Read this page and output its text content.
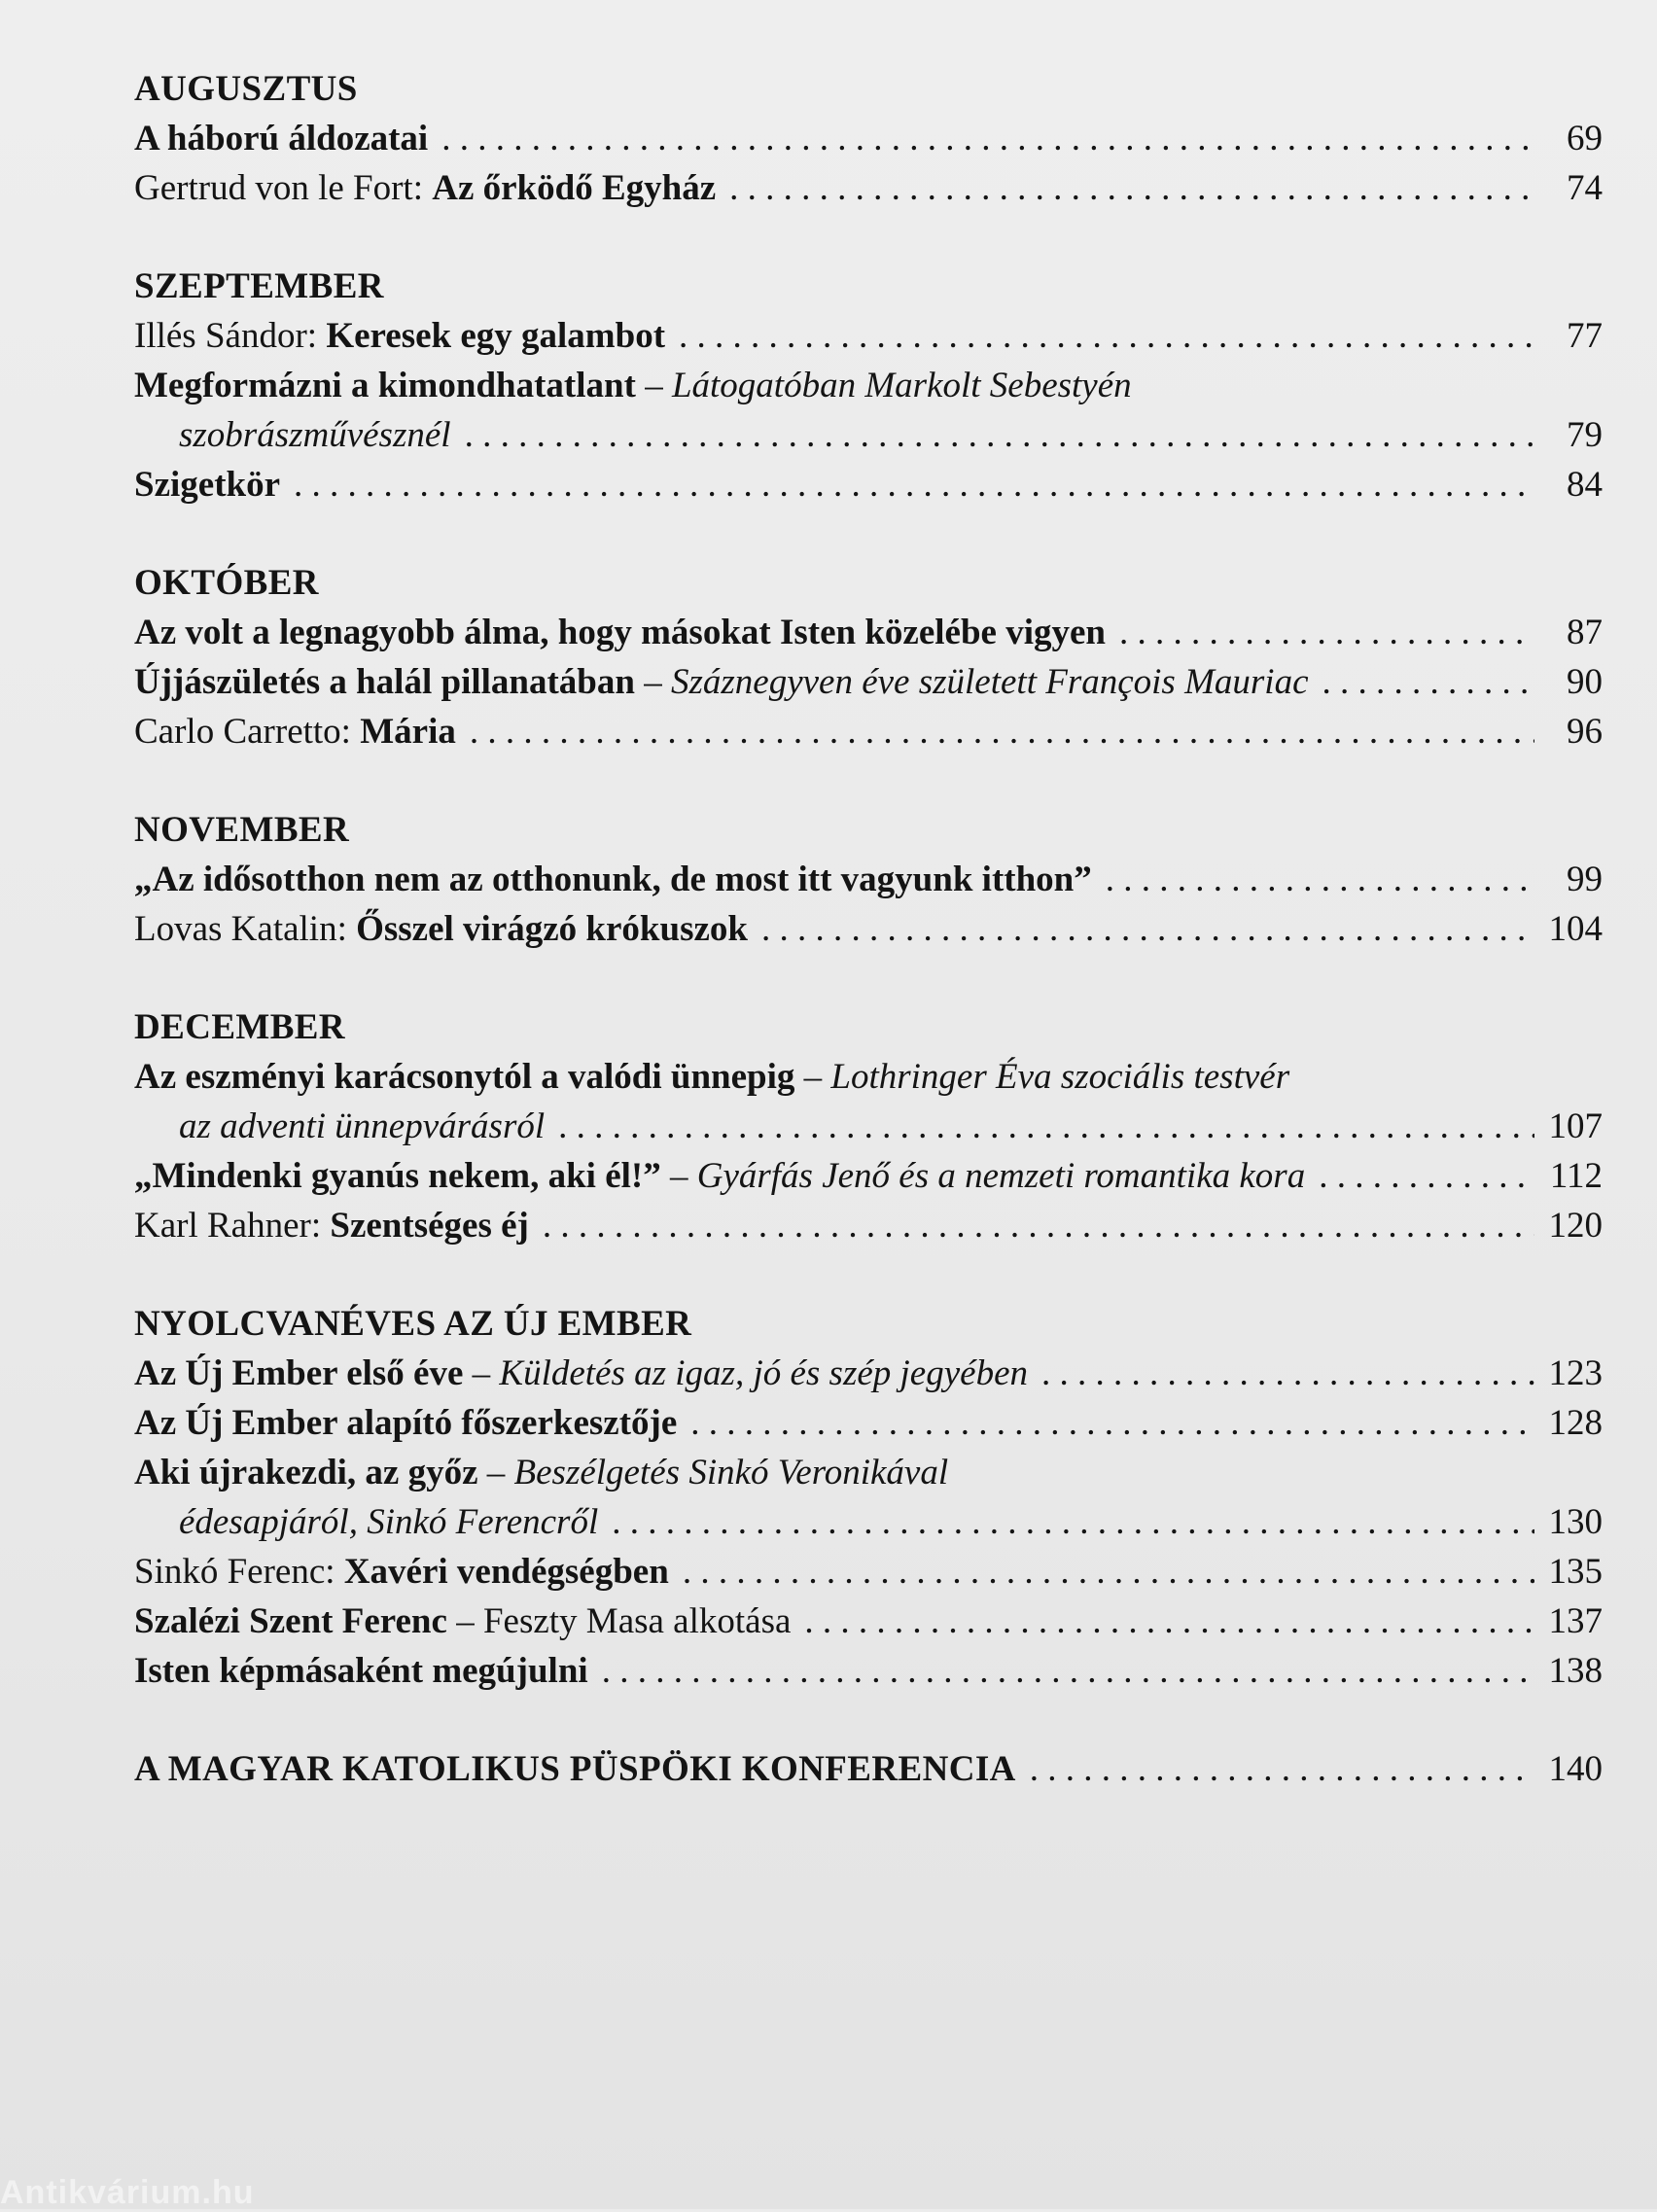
AUGUSZTUS
A háború áldozatai . . .	69
Gertrud von le Fort: Az őrködő Egyház . . .	74
SZEPTEMBER
Illés Sándor: Keresek egy galambot . . .	77
Megformázni a kimondhatatlant – Látogatóban Markolt Sebestyén
szobrászművésznél . . .	79
Szigetkör . . .	84
OKTÓBER
Az volt a legnagyobb álma, hogy másokat Isten közelébe vigyen . . .	87
Újjászületés a halál pillanatában – Száznegyven éve született François Mauriac . . .	90
Carlo Carretto: Mária . . .	96
NOVEMBER
„Az idősotthon nem az otthonunk, de most itt vagyunk itthon” . . .	99
Lovas Katalin: Ősszel virágzó krókuszok . . .	104
DECEMBER
Az eszményi karácsonytól a valódi ünnepig – Lothringer Éva szociális testvér
az adventi ünnepvárásról . . .	107
„Mindenki gyanús nekem, aki él!” – Gyárfás Jenő és a nemzeti romantika kora . . .	112
Karl Rahner: Szentséges éj . . .	120
NYOLCVANÉVES AZ ÚJ EMBER
Az Új Ember első éve – Küldetés az igaz, jó és szép jegyében . . .	123
Az Új Ember alapító főszerkesztője . . .	128
Aki újrakezdi, az győz – Beszélgetés Sinkó Veronikával
édesapjáról, Sinkó Ferencről . . .	130
Sinkó Ferenc: Xavéri vendégségben . . .	135
Szalézi Szent Ferenc – Feszty Masa alkotása . . .	137
Isten képmásaként megújulni . . .	138
A MAGYAR KATOLIKUS PÜSPÖKI KONFERENCIA . . .	140
Antikvárium.hu
